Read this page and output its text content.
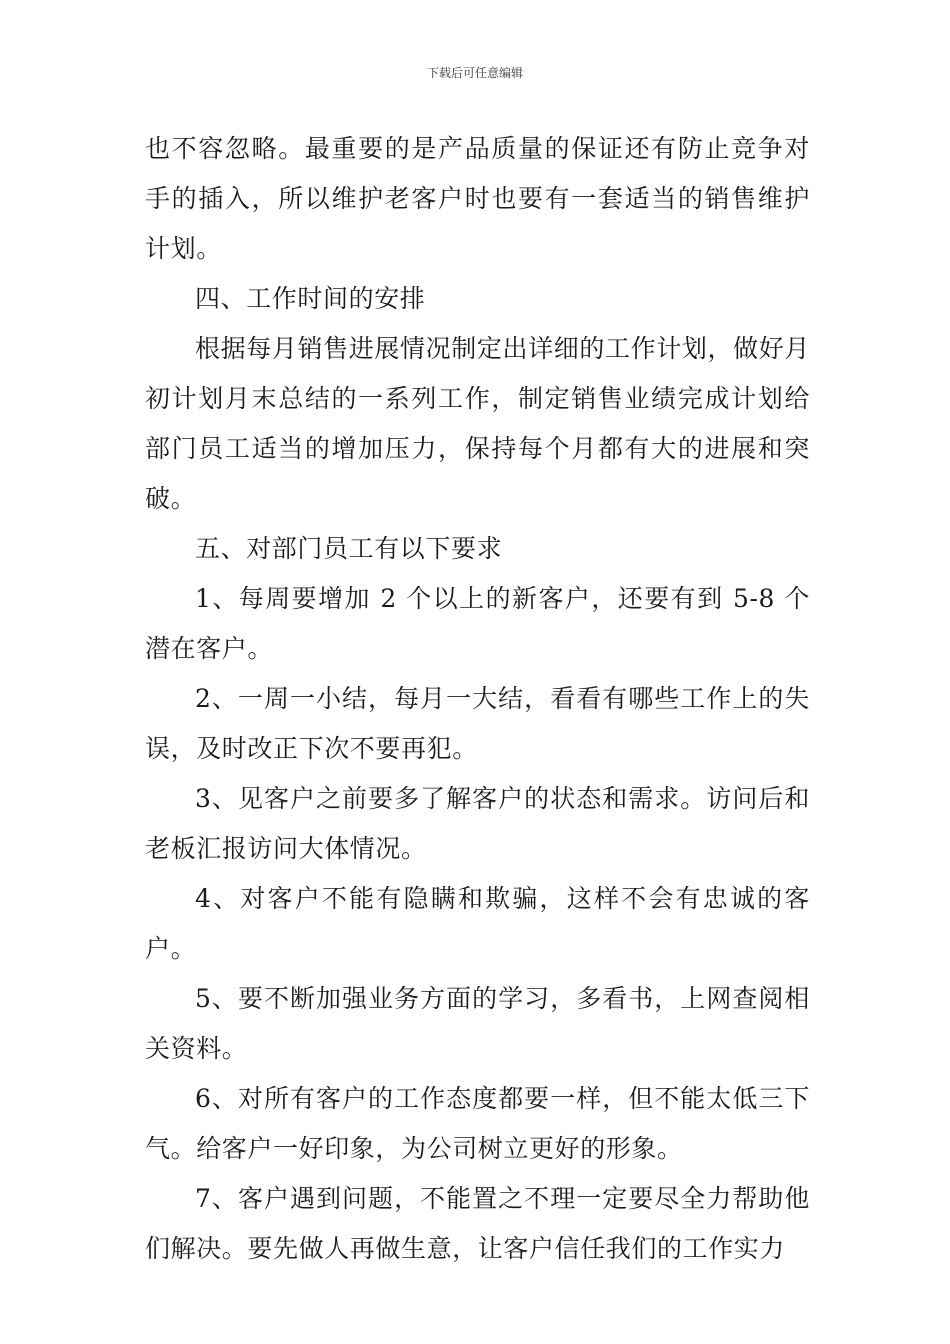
下载后可任意编辑

也不容忽略。最重要的是产品质量的保证还有防止竞争对手的插入，所以维护老客户时也要有一套适当的销售维护计划。

四、工作时间的安排

根据每月销售进展情况制定出详细的工作计划，做好月初计划月末总结的一系列工作，制定销售业绩完成计划给部门员工适当的增加压力，保持每个月都有大的进展和突破。

五、对部门员工有以下要求

1、每周要增加 2 个以上的新客户，还要有到 5-8 个潜在客户。

2、一周一小结，每月一大结，看看有哪些工作上的失误，及时改正下次不要再犯。

3、见客户之前要多了解客户的状态和需求。访问后和老板汇报访问大体情况。

4、对客户不能有隐瞒和欺骗，这样不会有忠诚的客户。

5、要不断加强业务方面的学习，多看书，上网查阅相关资料。

6、对所有客户的工作态度都要一样，但不能太低三下气。给客户一好印象，为公司树立更好的形象。

7、客户遇到问题，不能置之不理一定要尽全力帮助他们解决。要先做人再做生意，让客户信任我们的工作实力
